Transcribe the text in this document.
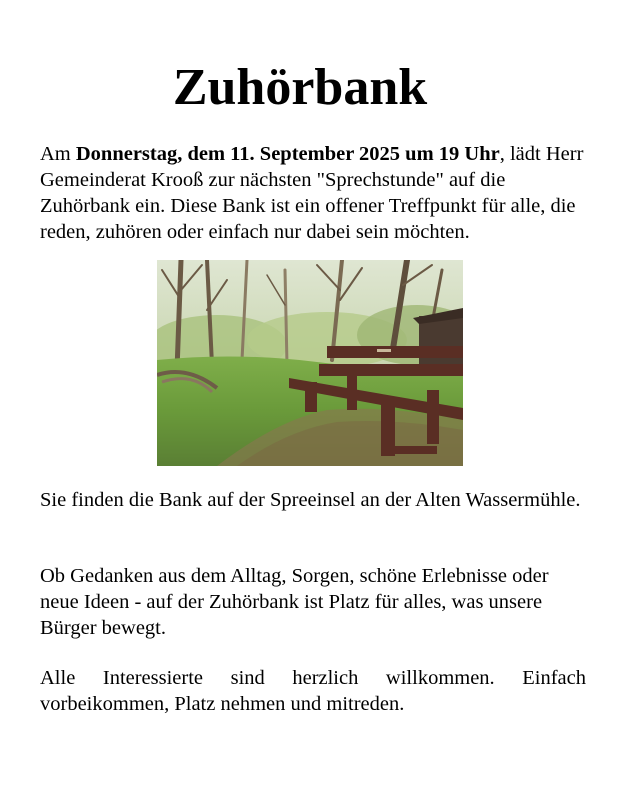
Zuhörbank

Am Donnerstag, dem 11. September 2025 um 19 Uhr, lädt Herr Gemeinderat Krooß zur nächsten "Sprechstunde" auf die Zuhörbank ein. Diese Bank ist ein offener Treffpunkt für alle, die reden, zuhören oder einfach nur dabei sein möchten.

Sie finden die Bank auf der Spreeinsel an der Alten Wassermühle.

Ob Gedanken aus dem Alltag, Sorgen, schöne Erlebnisse oder neue Ideen - auf der Zuhörbank ist Platz für alles, was unsere Bürger bewegt.

Alle Interessierte sind herzlich willkommen. Einfach vorbeikommen, Platz nehmen und mitreden.
